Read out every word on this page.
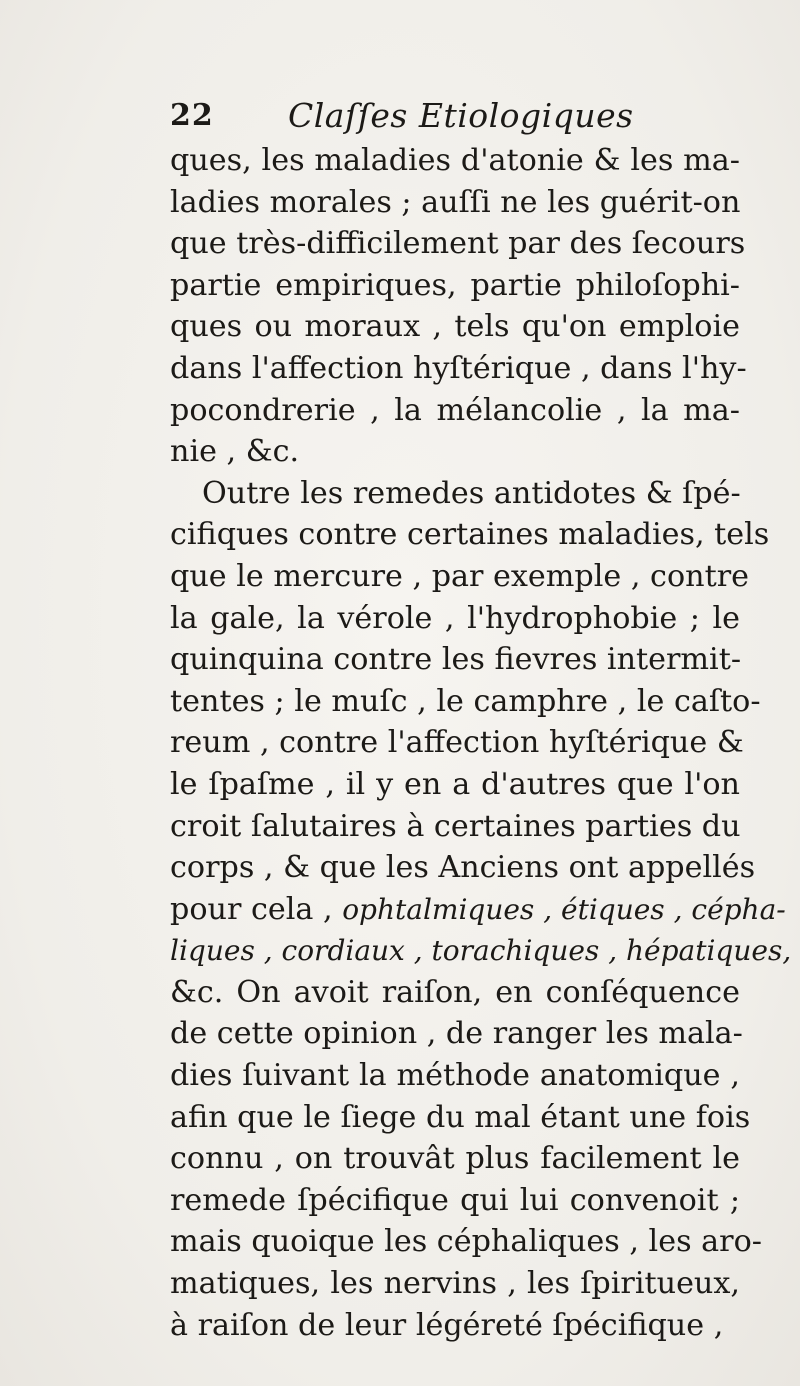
22 Claſſes Etiologiques
ques, les maladies d'atonie & les ma-
ladies morales ; auſſi ne les guérit-on
que très-difficilement par des ſecours
partie empiriques, partie philoſophi-
ques ou moraux , tels qu'on emploie
dans l'affection hyſtérique , dans l'hy-
pocondrerie , la mélancolie , la ma-
nie , &c.
Outre les remedes antidotes & ſpé-
cifiques contre certaines maladies, tels
que le mercure , par exemple , contre
la gale, la vérole , l'hydrophobie ; le
quinquina contre les fievres intermit-
tentes ; le muſc , le camphre , le caſto-
reum , contre l'affection hyſtérique &
le ſpaſme , il y en a d'autres que l'on
croit ſalutaires à certaines parties du
corps , & que les Anciens ont appellés
pour cela , ophtalmiques , étiques , cépha-
liques , cordiaux , torachiques , hépatiques,
&c. On avoit raiſon, en conſéquence
de cette opinion , de ranger les mala-
dies ſuivant la méthode anatomique ,
afin que le ſiege du mal étant une fois
connu , on trouvât plus facilement le
remede ſpécifique qui lui convenoit ;
mais quoique les céphaliques , les aro-
matiques, les nervins , les ſpiritueux,
à raiſon de leur légéreté ſpécifique ,
